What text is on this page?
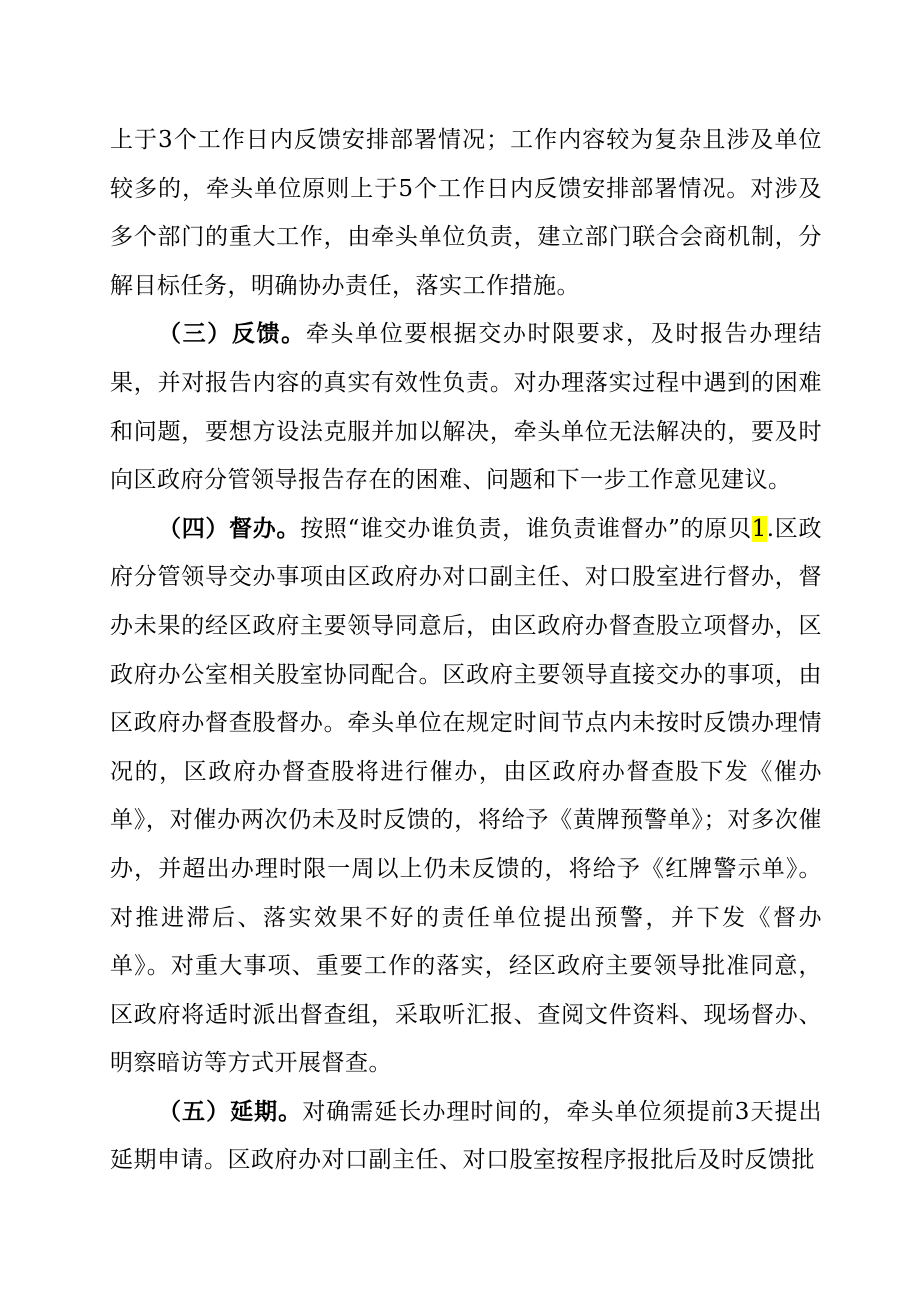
上于3个工作日内反馈安排部署情况；工作内容较为复杂且涉及单位较多的，牵头单位原则上于5个工作日内反馈安排部署情况。对涉及多个部门的重大工作，由牵头单位负责，建立部门联合会商机制，分解目标任务，明确协办责任，落实工作措施。

（三）反馈。牵头单位要根据交办时限要求，及时报告办理结果，并对报告内容的真实有效性负责。对办理落实过程中遇到的困难和问题，要想方设法克服并加以解决，牵头单位无法解决的，要及时向区政府分管领导报告存在的困难、问题和下一步工作意见建议。

（四）督办。按照“谁交办谁负责，谁负责谁督办”的原贝1.区政府分管领导交办事项由区政府办对口副主任、对口股室进行督办，督办未果的经区政府主要领导同意后，由区政府办督查股立项督办，区政府办公室相关股室协同配合。区政府主要领导直接交办的事项，由区政府办督查股督办。牵头单位在规定时间节点内未按时反馈办理情况的，区政府办督查股将进行催办，由区政府办督查股下发《催办单》，对催办两次仍未及时反馈的，将给予《黄牌预警单》；对多次催办，并超出办理时限一周以上仍未反馈的，将给予《红牌警示单》。对推进滞后、落实效果不好的责任单位提出预警，并下发《督办单》。对重大事项、重要工作的落实，经区政府主要领导批准同意，区政府将适时派出督查组，采取听汇报、查阅文件资料、现场督办、明察暗访等方式开展督查。

（五）延期。对确需延长办理时间的，牵头单位须提前3天提出延期申请。区政府办对口副主任、对口股室按程序报批后及时反馈批
